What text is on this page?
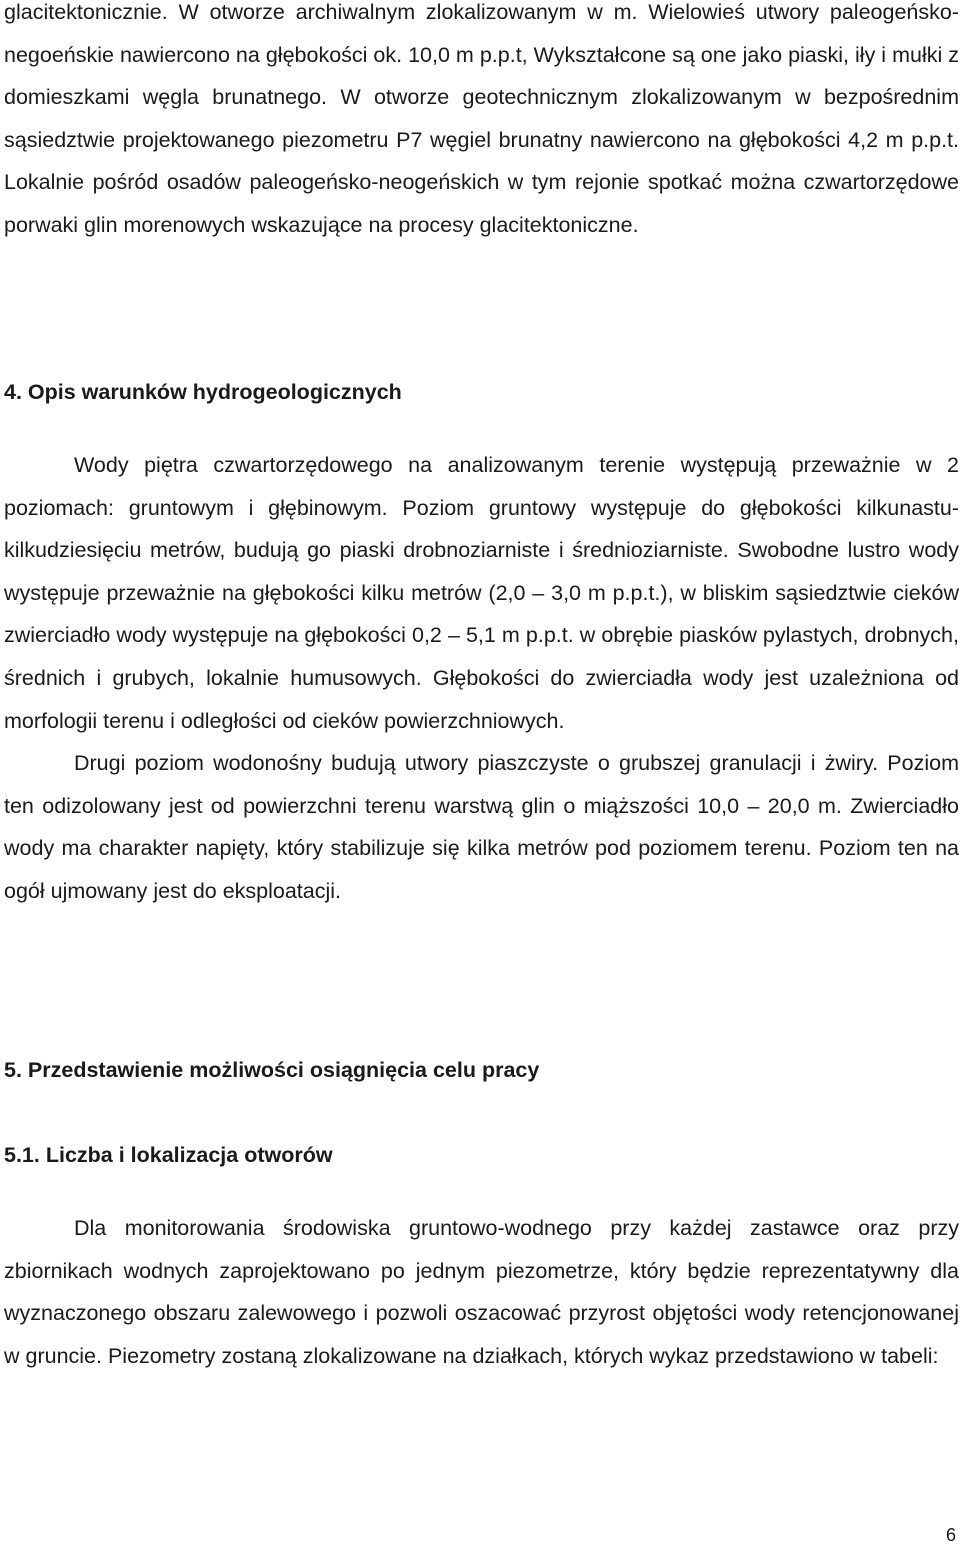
glacitektonicznie. W otworze archiwalnym zlokalizowanym w m. Wielowieś utwory paleogeńsko-negoeńskie nawiercono na głębokości ok. 10,0 m p.p.t, Wykształcone są one jako piaski, iły i mułki z domieszkami węgla brunatnego. W otworze geotechnicznym zlokalizowanym w bezpośrednim sąsiedztwie projektowanego piezometru P7 węgiel brunatny nawiercono na głębokości 4,2 m p.p.t. Lokalnie pośród osadów paleogeńsko-neogeńskich w tym rejonie spotkać można czwartorzędowe porwaki glin morenowych wskazujące na procesy glacitektoniczne.

4. Opis warunków hydrogeologicznych

Wody piętra czwartorzędowego na analizowanym terenie występują przeważnie w 2 poziomach: gruntowym i głębinowym. Poziom gruntowy występuje do głębokości kilkunastu-kilkudziesięciu metrów, budują go piaski drobnoziarniste i średnioziarniste. Swobodne lustro wody występuje przeważnie na głębokości kilku metrów (2,0 – 3,0 m p.p.t.), w bliskim sąsiedztwie cieków zwierciadło wody występuje na głębokości 0,2 – 5,1 m p.p.t. w obrębie piasków pylastych, drobnych, średnich i grubych, lokalnie humusowych. Głębokości do zwierciadła wody jest uzależniona od morfologii terenu i odległości od cieków powierzchniowych.

Drugi poziom wodonośny budują utwory piaszczyste o grubszej granulacji i żwiry. Poziom ten odizolowany jest od powierzchni terenu warstwą glin o miąższości 10,0 – 20,0 m. Zwierciadło wody ma charakter napięty, który stabilizuje się kilka metrów pod poziomem terenu. Poziom ten na ogół ujmowany jest do eksploatacji.

5. Przedstawienie możliwości osiągnięcia celu pracy
5.1. Liczba i lokalizacja otworów

Dla monitorowania środowiska gruntowo-wodnego przy każdej zastawce oraz przy zbiornikach wodnych zaprojektowano po jednym piezometrze, który będzie reprezentatywny dla wyznaczonego obszaru zalewowego i pozwoli oszacować przyrost objętości wody retencjonowanej w gruncie. Piezometry zostaną zlokalizowane na działkach, których wykaz przedstawiono w tabeli:

6
